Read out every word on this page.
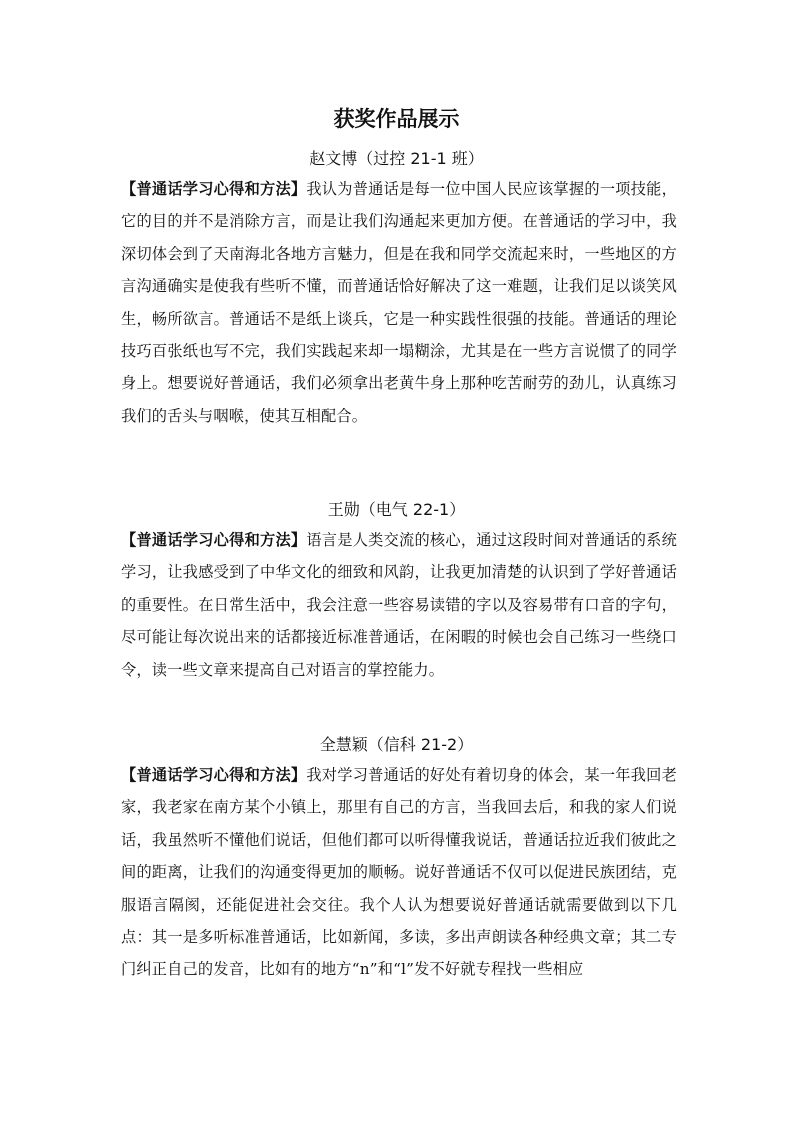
获奖作品展示

赵文博（过控 21-1 班）

【普通话学习心得和方法】我认为普通话是每一位中国人民应该掌握的一项技能，它的目的并不是消除方言，而是让我们沟通起来更加方便。在普通话的学习中，我深切体会到了天南海北各地方言魅力，但是在我和同学交流起来时，一些地区的方言沟通确实是使我有些听不懂，而普通话恰好解决了这一难题，让我们足以谈笑风生，畅所欲言。普通话不是纸上谈兵，它是一种实践性很强的技能。普通话的理论技巧百张纸也写不完，我们实践起来却一塌糊涂，尤其是在一些方言说惯了的同学身上。想要说好普通话，我们必须拿出老黄牛身上那种吃苦耐劳的劲儿，认真练习我们的舌头与咽喉，使其互相配合。

王勋（电气 22-1）

【普通话学习心得和方法】语言是人类交流的核心，通过这段时间对普通话的系统学习，让我感受到了中华文化的细致和风韵，让我更加清楚的认识到了学好普通话的重要性。在日常生活中，我会注意一些容易读错的字以及容易带有口音的字句，尽可能让每次说出来的话都接近标准普通话，在闲暇的时候也会自己练习一些绕口令，读一些文章来提高自己对语言的掌控能力。

全慧颖（信科 21-2）

【普通话学习心得和方法】我对学习普通话的好处有着切身的体会，某一年我回老家，我老家在南方某个小镇上，那里有自己的方言，当我回去后，和我的家人们说话，我虽然听不懂他们说话，但他们都可以听得懂我说话，普通话拉近我们彼此之间的距离，让我们的沟通变得更加的顺畅。说好普通话不仅可以促进民族团结，克服语言隔阂，还能促进社会交往。我个人认为想要说好普通话就需要做到以下几点：其一是多听标准普通话，比如新闻，多读，多出声朗读各种经典文章；其二专门纠正自己的发音，比如有的地方“n”和“l”发不好就专程找一些相应
